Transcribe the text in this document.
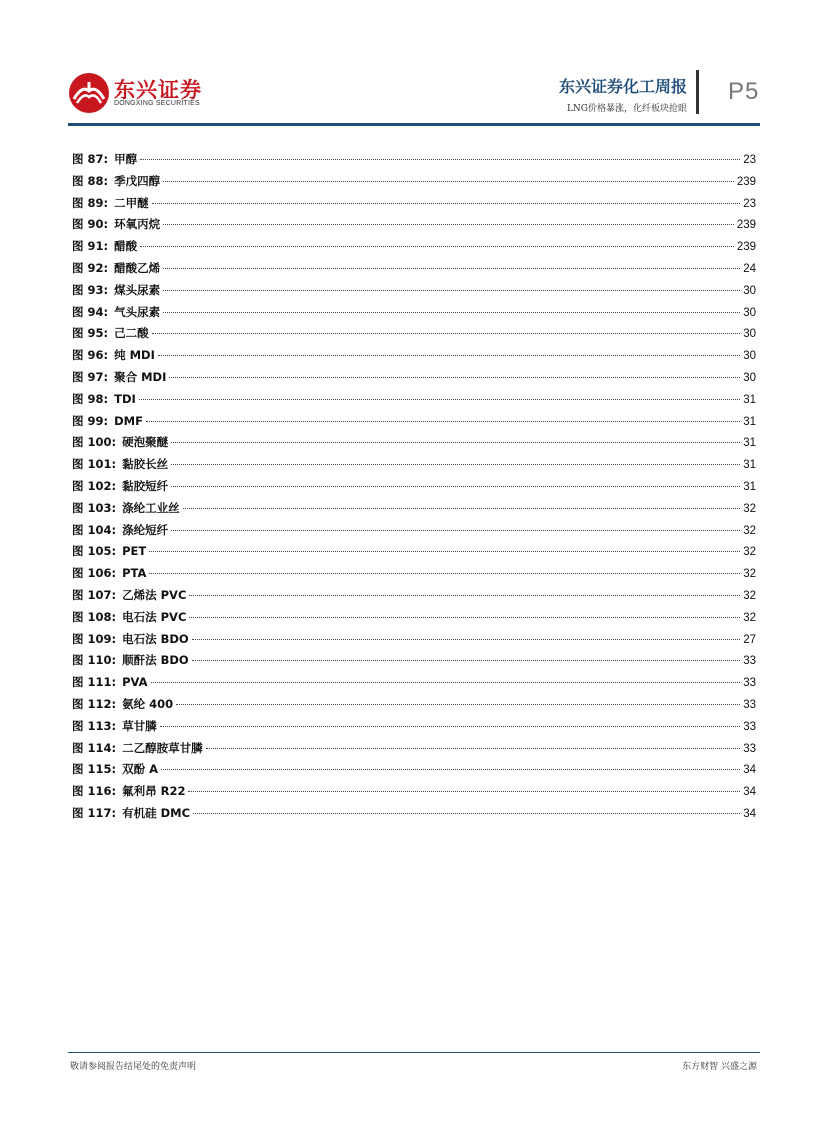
东兴证券
DONGXING SECURITIES
东兴证券化工周报
LNG价格暴涨，化纤板块抢眼
P5
图 87: 甲醇	23
图 88: 季戊四醇	239
图 89: 二甲醚	23
图 90: 环氧丙烷	239
图 91: 醋酸	239
图 92: 醋酸乙烯	24
图 93: 煤头尿素	30
图 94: 气头尿素	30
图 95: 己二酸	30
图 96: 纯 MDI	30
图 97: 聚合 MDI	30
图 98: TDI	31
图 99: DMF	31
图 100: 硬泡聚醚	31
图 101: 黏胶长丝	31
图 102: 黏胶短纤	31
图 103: 涤纶工业丝	32
图 104: 涤纶短纤	32
图 105: PET	32
图 106: PTA	32
图 107: 乙烯法 PVC	32
图 108: 电石法 PVC	32
图 109: 电石法 BDO	27
图 110: 顺酐法 BDO	33
图 111: PVA	33
图 112: 氨纶 400	33
图 113: 草甘膦	33
图 114: 二乙醇胺草甘膦	33
图 115: 双酚 A	34
图 116: 氟利昂 R22	34
图 117: 有机硅 DMC	34
敬请参阅报告结尾处的免责声明	东方财智 兴盛之源
